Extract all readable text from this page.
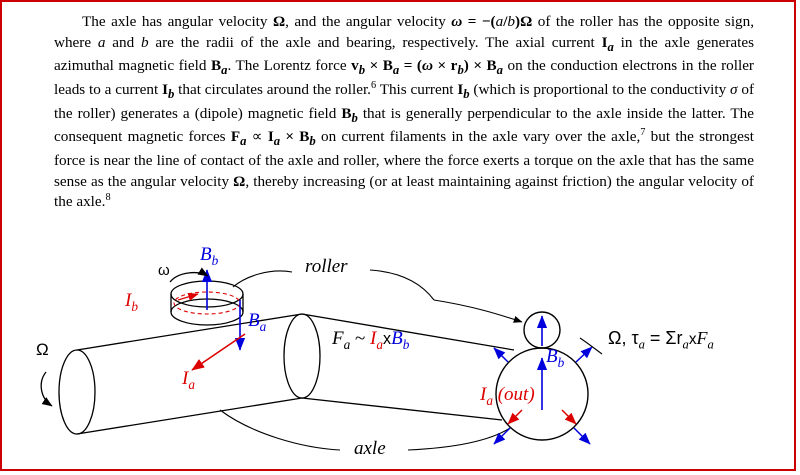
The axle has angular velocity Ω, and the angular velocity ω = −(a/b)Ω of the roller has the opposite sign, where a and b are the radii of the axle and bearing, respectively. The axial current $I_a$ in the axle generates azimuthal magnetic field $B_a$. The Lorentz force $v_b \times B_a = (\omega \times r_b) \times B_a$ on the conduction electrons in the roller leads to a current $I_b$ that circulates around the roller.$^6$ This current $I_b$ (which is proportional to the conductivity σ of the roller) generates a (dipole) magnetic field $B_b$ that is generally perpendicular to the axle inside the latter. The consequent magnetic forces $F_a \propto I_a \times B_b$ on current filaments in the axle vary over the axle,$^7$ but the strongest force is near the line of contact of the axle and roller, where the force exerts a torque on the axle that has the same sense as the angular velocity Ω, thereby increasing (or at least maintaining against friction) the angular velocity of the axle.$^8$

roller
axle
Ω
ω
$B_b$
$I_b$
$B_a$
$I_a$
$F_a$ ~ $I_axB_b$	Ω, $\tau_a = \Sigma r_axF_a$
$B_b$
$I_a$ (out)
